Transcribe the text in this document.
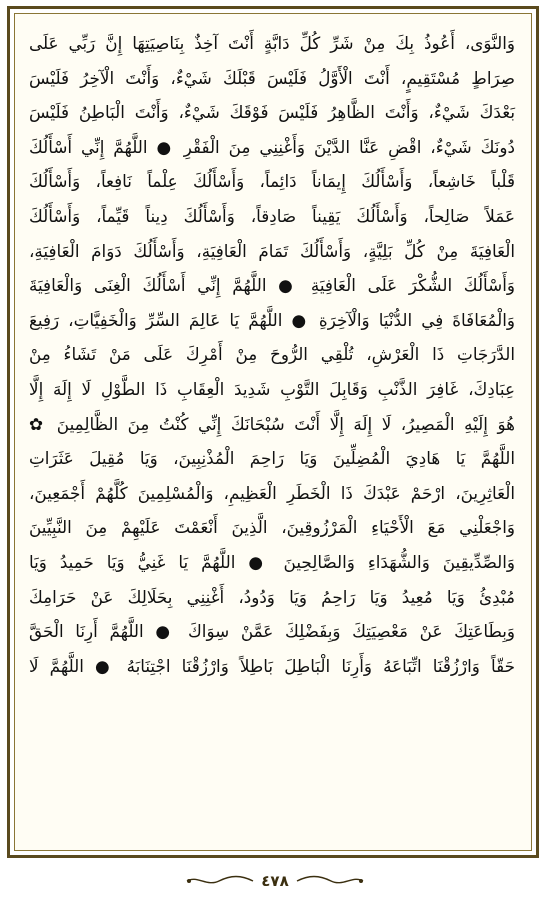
وَالنَّوَى، أَعُوذُ بِكَ مِنْ شَرِّ كُلِّ دَابَّةٍ أَنْتَ آخِذٌ بِنَاصِيَتِهَا إِنَّ رَبِّي عَلَى
صِرَاطٍ مُسْتَقِيمٍ، أَنْتَ الْأَوَّلُ فَلَيْسَ قَبْلَكَ شَيْءٌ، وَأَنْتَ الْآخِرُ فَلَيْسَ
بَعْدَكَ شَيْءٌ، وَأَنْتَ الظَّاهِرُ فَلَيْسَ فَوْقَكَ شَيْءٌ، وَأَنْتَ الْبَاطِنُ فَلَيْسَ
دُونَكَ شَيْءٌ، اقْضِ عَنَّا الدَّيْنَ وَأَغْنِنِي مِنَ الْفَقْرِ ● اللَّهُمَّ إِنِّي أَسْأَلُكَ
قَلْباً خَاشِعاً، وَأَسْأَلُكَ إِيمَاناً دَائِماً، وَأَسْأَلُكَ عِلْماً نَافِعاً، وَأَسْأَلُكَ
عَمَلاً صَالِحاً، وَأَسْأَلُكَ يَقِيناً صَادِقاً، وَأَسْأَلُكَ دِيناً قَيِّماً، وَأَسْأَلُكَ
الْعَافِيَةَ مِنْ كُلِّ بَلِيَّةٍ، وَأَسْأَلُكَ تَمَامَ الْعَافِيَةِ، وَأَسْأَلُكَ دَوَامَ الْعَافِيَةِ،
وَأَسْأَلُكَ الشُّكْرَ عَلَى الْعَافِيَةِ ● اللَّهُمَّ إِنِّي أَسْأَلُكَ الْغِنَى وَالْعَافِيَةَ
وَالْمُعَافَاةَ فِي الدُّنْيَا وَالْآخِرَةِ ● اللَّهُمَّ يَا عَالِمَ السِّرِّ وَالْخَفِيَّاتِ، رَفِيعَ
الدَّرَجَاتِ ذَا الْعَرْشِ، تُلْقِي الرُّوحَ مِنْ أَمْرِكَ عَلَى مَنْ تَشَاءُ مِنْ
عِبَادِكَ، غَافِرَ الذَّنْبِ وَقَابِلَ التَّوْبِ شَدِيدَ الْعِقَابِ ذَا الطَّوْلِ لَا إِلَهَ إِلَّا
هُوَ إِلَيْهِ الْمَصِيرُ، لَا إِلَهَ إِلَّا أَنْتَ سُبْحَانَكَ إِنِّي كُنْتُ مِنَ الظَّالِمِينَ ✿
اللَّهُمَّ يَا هَادِيَ الْمُضِلِّينَ وَيَا رَاحِمَ الْمُذْنِبِينَ، وَيَا مُقِيلَ عَثَرَاتِ
الْعَاثِرِينَ، ارْحَمْ عَبْدَكَ ذَا الْخَطَرِ الْعَظِيمِ، وَالْمُسْلِمِينَ كُلَّهُمْ أَجْمَعِينَ،
وَاجْعَلْنِي مَعَ الْأَحْيَاءِ الْمَرْزُوقِينَ، الَّذِينَ أَنْعَمْتَ عَلَيْهِمْ مِنَ النَّبِيِّينَ
وَالصِّدِّيقِينَ وَالشُّهَدَاءِ وَالصَّالِحِينَ ● اللَّهُمَّ يَا غَنِيُّ وَيَا حَمِيدُ وَيَا
مُبْدِئُ وَيَا مُعِيدُ وَيَا رَاحِمُ وَيَا وَدُودُ، أَغْنِنِي بِحَلَالِكَ عَنْ حَرَامِكَ
وَبِطَاعَتِكَ عَنْ مَعْصِيَتِكَ وَبِفَضْلِكَ عَمَّنْ سِوَاكَ ● اللَّهُمَّ أَرِنَا الْحَقَّ
حَقّاً وَارْزُقْنَا اتِّبَاعَهُ وَأَرِنَا الْبَاطِلَ بَاطِلاً وَارْزُقْنَا اجْتِنَابَهُ ● اللَّهُمَّ لَا
٤٧٨
